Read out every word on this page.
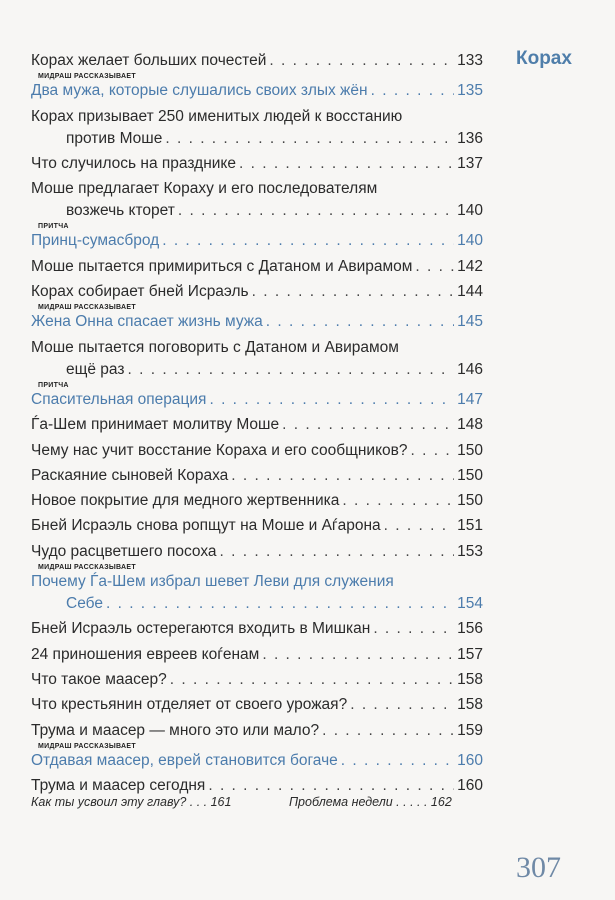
Корах
Корах желает больших почестей . . .	133
МИДРАШ РАССКАЗЫВАЕТ
Два мужа, которые слушались своих злых жён . . .	135
Корах призывает 250 именитых людей к восстанию
против Моше . . .	136
Что случилось на празднике . . .	137
Моше предлагает Кораху и его последователям
возжечь кторет . . .	140
ПРИТЧА
Принц-сумасброд . . .	140
Моше пытается примириться с Датаном и Авирамом . . .	142
Корах собирает бней Исраэль . . .	144
МИДРАШ РАССКАЗЫВАЕТ
Жена Онна спасает жизнь мужа . . .	145
Моше пытается поговорить с Датаном и Авирамом
ещё раз . . .	146
ПРИТЧА
Спасительная операция . . .	147
Ѓа-Шем принимает молитву Моше . . .	148
Чему нас учит восстание Кораха и его сообщников? . . .	150
Раскаяние сыновей Кораха . . .	150
Новое покрытие для медного жертвенника . . .	150
Бней Исраэль снова ропщут на Моше и Аѓарона . . .	151
Чудо расцветшего посоха . . .	153
МИДРАШ РАССКАЗЫВАЕТ
Почему Ѓа-Шем избрал шевет Леви для служения
Себе . . .	154
Бней Исраэль остерегаются входить в Мишкан . . .	156
24 приношения евреев коѓенам . . .	157
Что такое маасер? . . .	158
Что крестьянин отделяет от своего урожая? . . .	158
Трума и маасер — много это или мало? . . .	159
МИДРАШ РАССКАЗЫВАЕТ
Отдавая маасер, еврей становится богаче . . .	160
Трума и маасер сегодня . . .	160
Как ты усвоил эту главу? . . . 161	Проблема недели . . . . . 162
307
